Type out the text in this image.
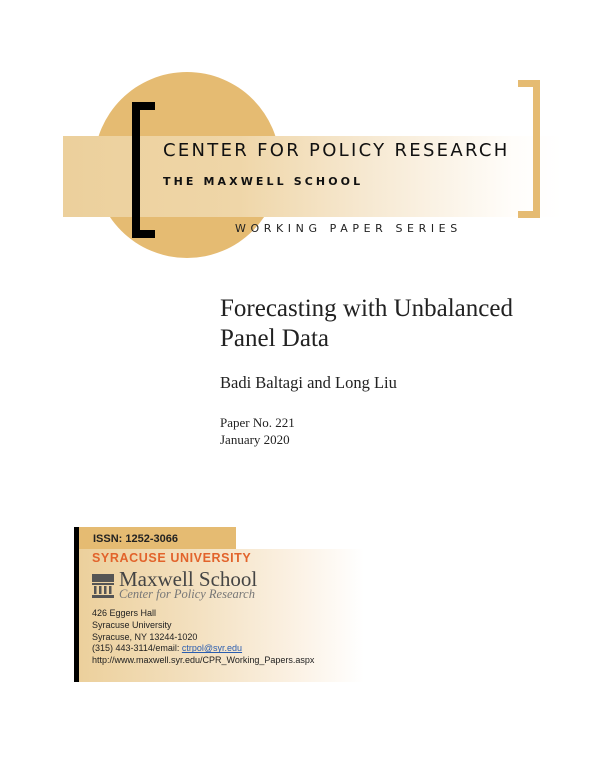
CENTER FOR POLICY RESEARCH
THE MAXWELL SCHOOL
WORKING PAPER SERIES
Forecasting with Unbalanced
Panel Data
Badi Baltagi and Long Liu
Paper No. 221
January 2020
ISSN: 1252-3066
SYRACUSE UNIVERSITY
Maxwell School
Center for Policy Research
426 Eggers Hall
Syracuse University
Syracuse, NY 13244-1020
(315) 443-3114/email: ctrpol@syr.edu
http://www.maxwell.syr.edu/CPR_Working_Papers.aspx
